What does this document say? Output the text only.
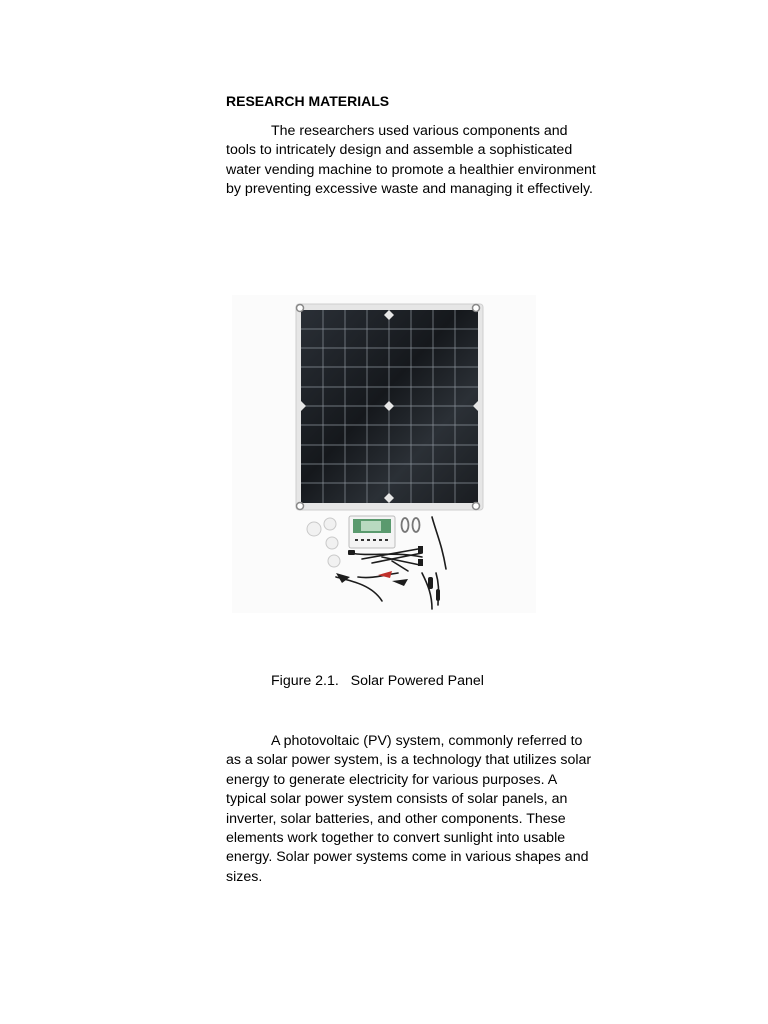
RESEARCH MATERIALS

The researchers used various components and tools to intricately design and assemble a sophisticated water vending machine to promote a healthier environment by preventing excessive waste and managing it effectively.

Figure 2.1. Solar Powered Panel

A photovoltaic (PV) system, commonly referred to as a solar power system, is a technology that utilizes solar energy to generate electricity for various purposes. A typical solar power system consists of solar panels, an inverter, solar batteries, and other components. These elements work together to convert sunlight into usable energy. Solar power systems come in various shapes and sizes.
